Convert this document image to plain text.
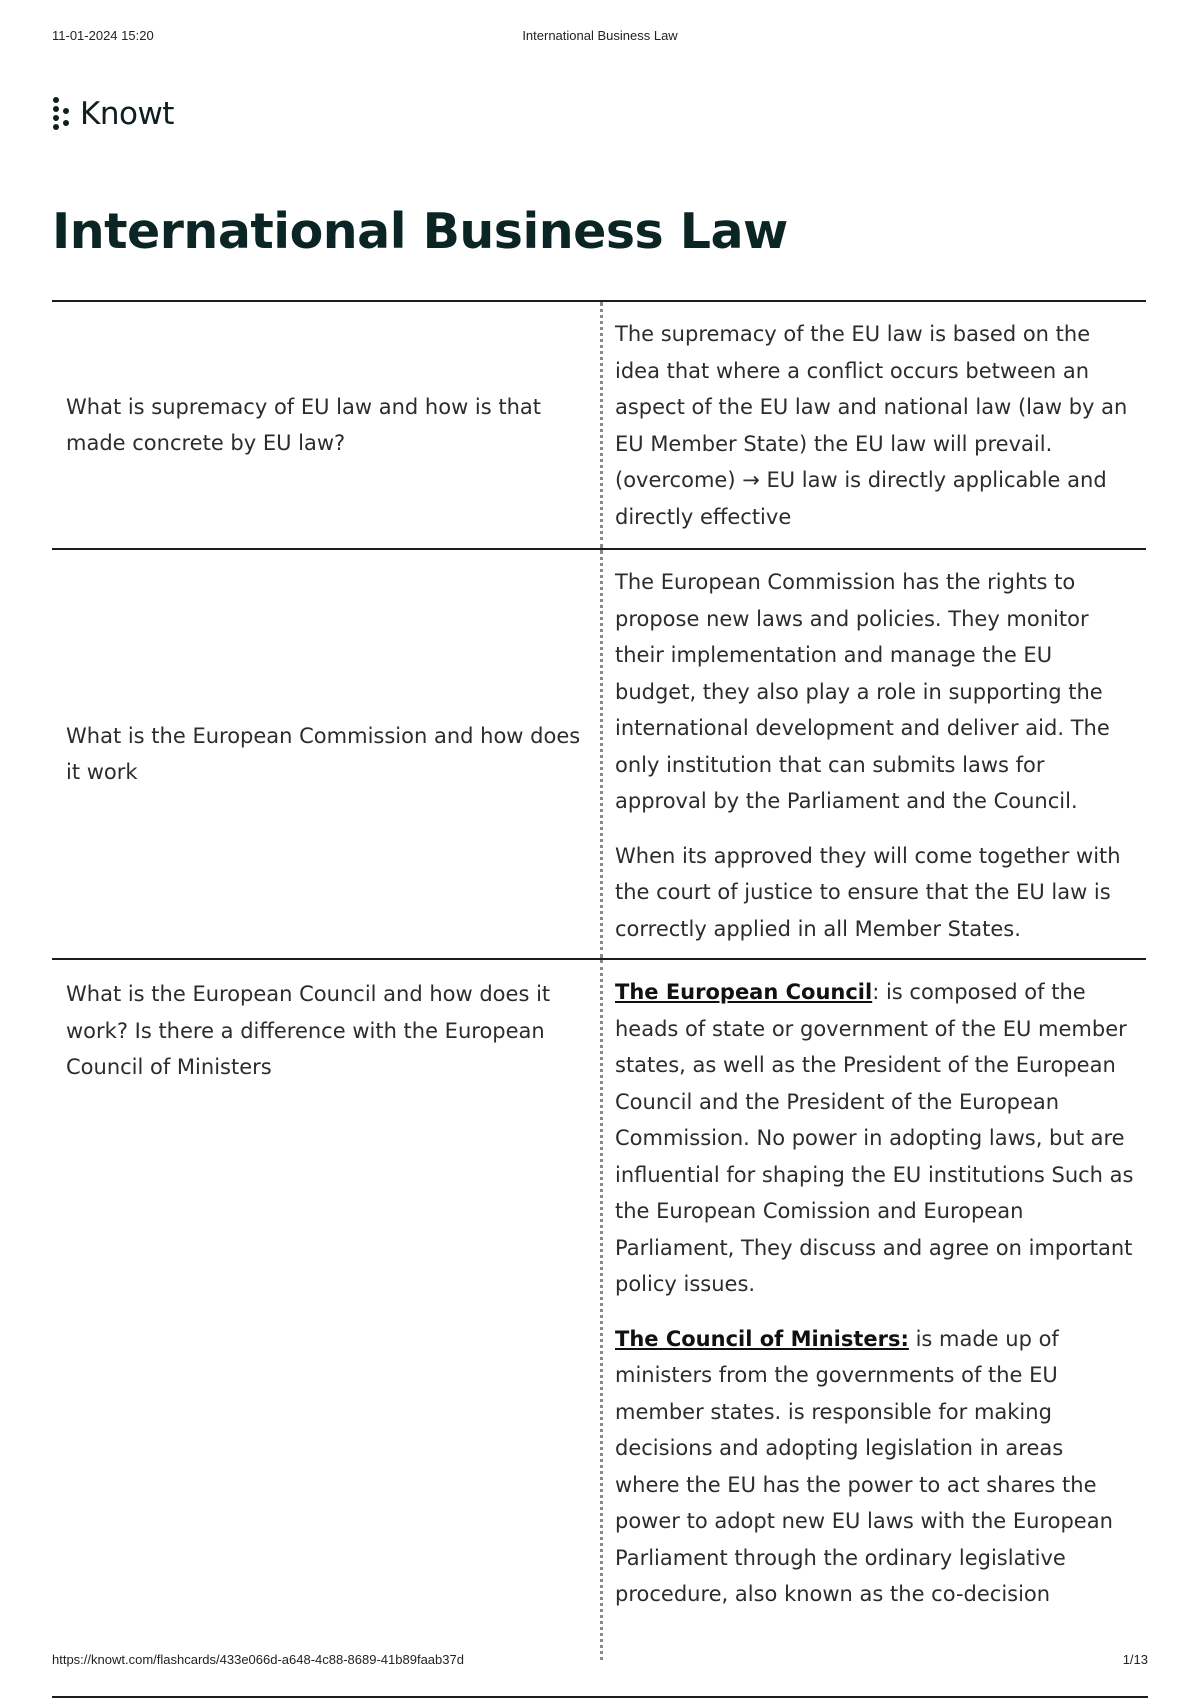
11-01-2024 15:20	International Business Law
Knowt
International Business Law
What is supremacy of EU law and how is that made concrete by EU law?

The supremacy of the EU law is based on the idea that where a conflict occurs between an aspect of the EU law and national law (law by an EU Member State) the EU law will prevail. (overcome) → EU law is directly applicable and directly effective

What is the European Commission and how does it work

The European Commission has the rights to propose new laws and policies. They monitor their implementation and manage the EU budget, they also play a role in supporting the international development and deliver aid. The only institution that can submits laws for approval by the Parliament and the Council.

When its approved they will come together with the court of justice to ensure that the EU law is correctly applied in all Member States.

What is the European Council and how does it work? Is there a difference with the European Council of Ministers

The European Council: is composed of the heads of state or government of the EU member states, as well as the President of the European Council and the President of the European Commission. No power in adopting laws, but are influential for shaping the EU institutions Such as the European Comission and European Parliament, They discuss and agree on important policy issues.

The Council of Ministers: is made up of ministers from the governments of the EU member states. is responsible for making decisions and adopting legislation in areas where the EU has the power to act shares the power to adopt new EU laws with the European Parliament through the ordinary legislative procedure, also known as the co-decision

https://knowt.com/flashcards/433e066d-a648-4c88-8689-41b89faab37d	1/13
